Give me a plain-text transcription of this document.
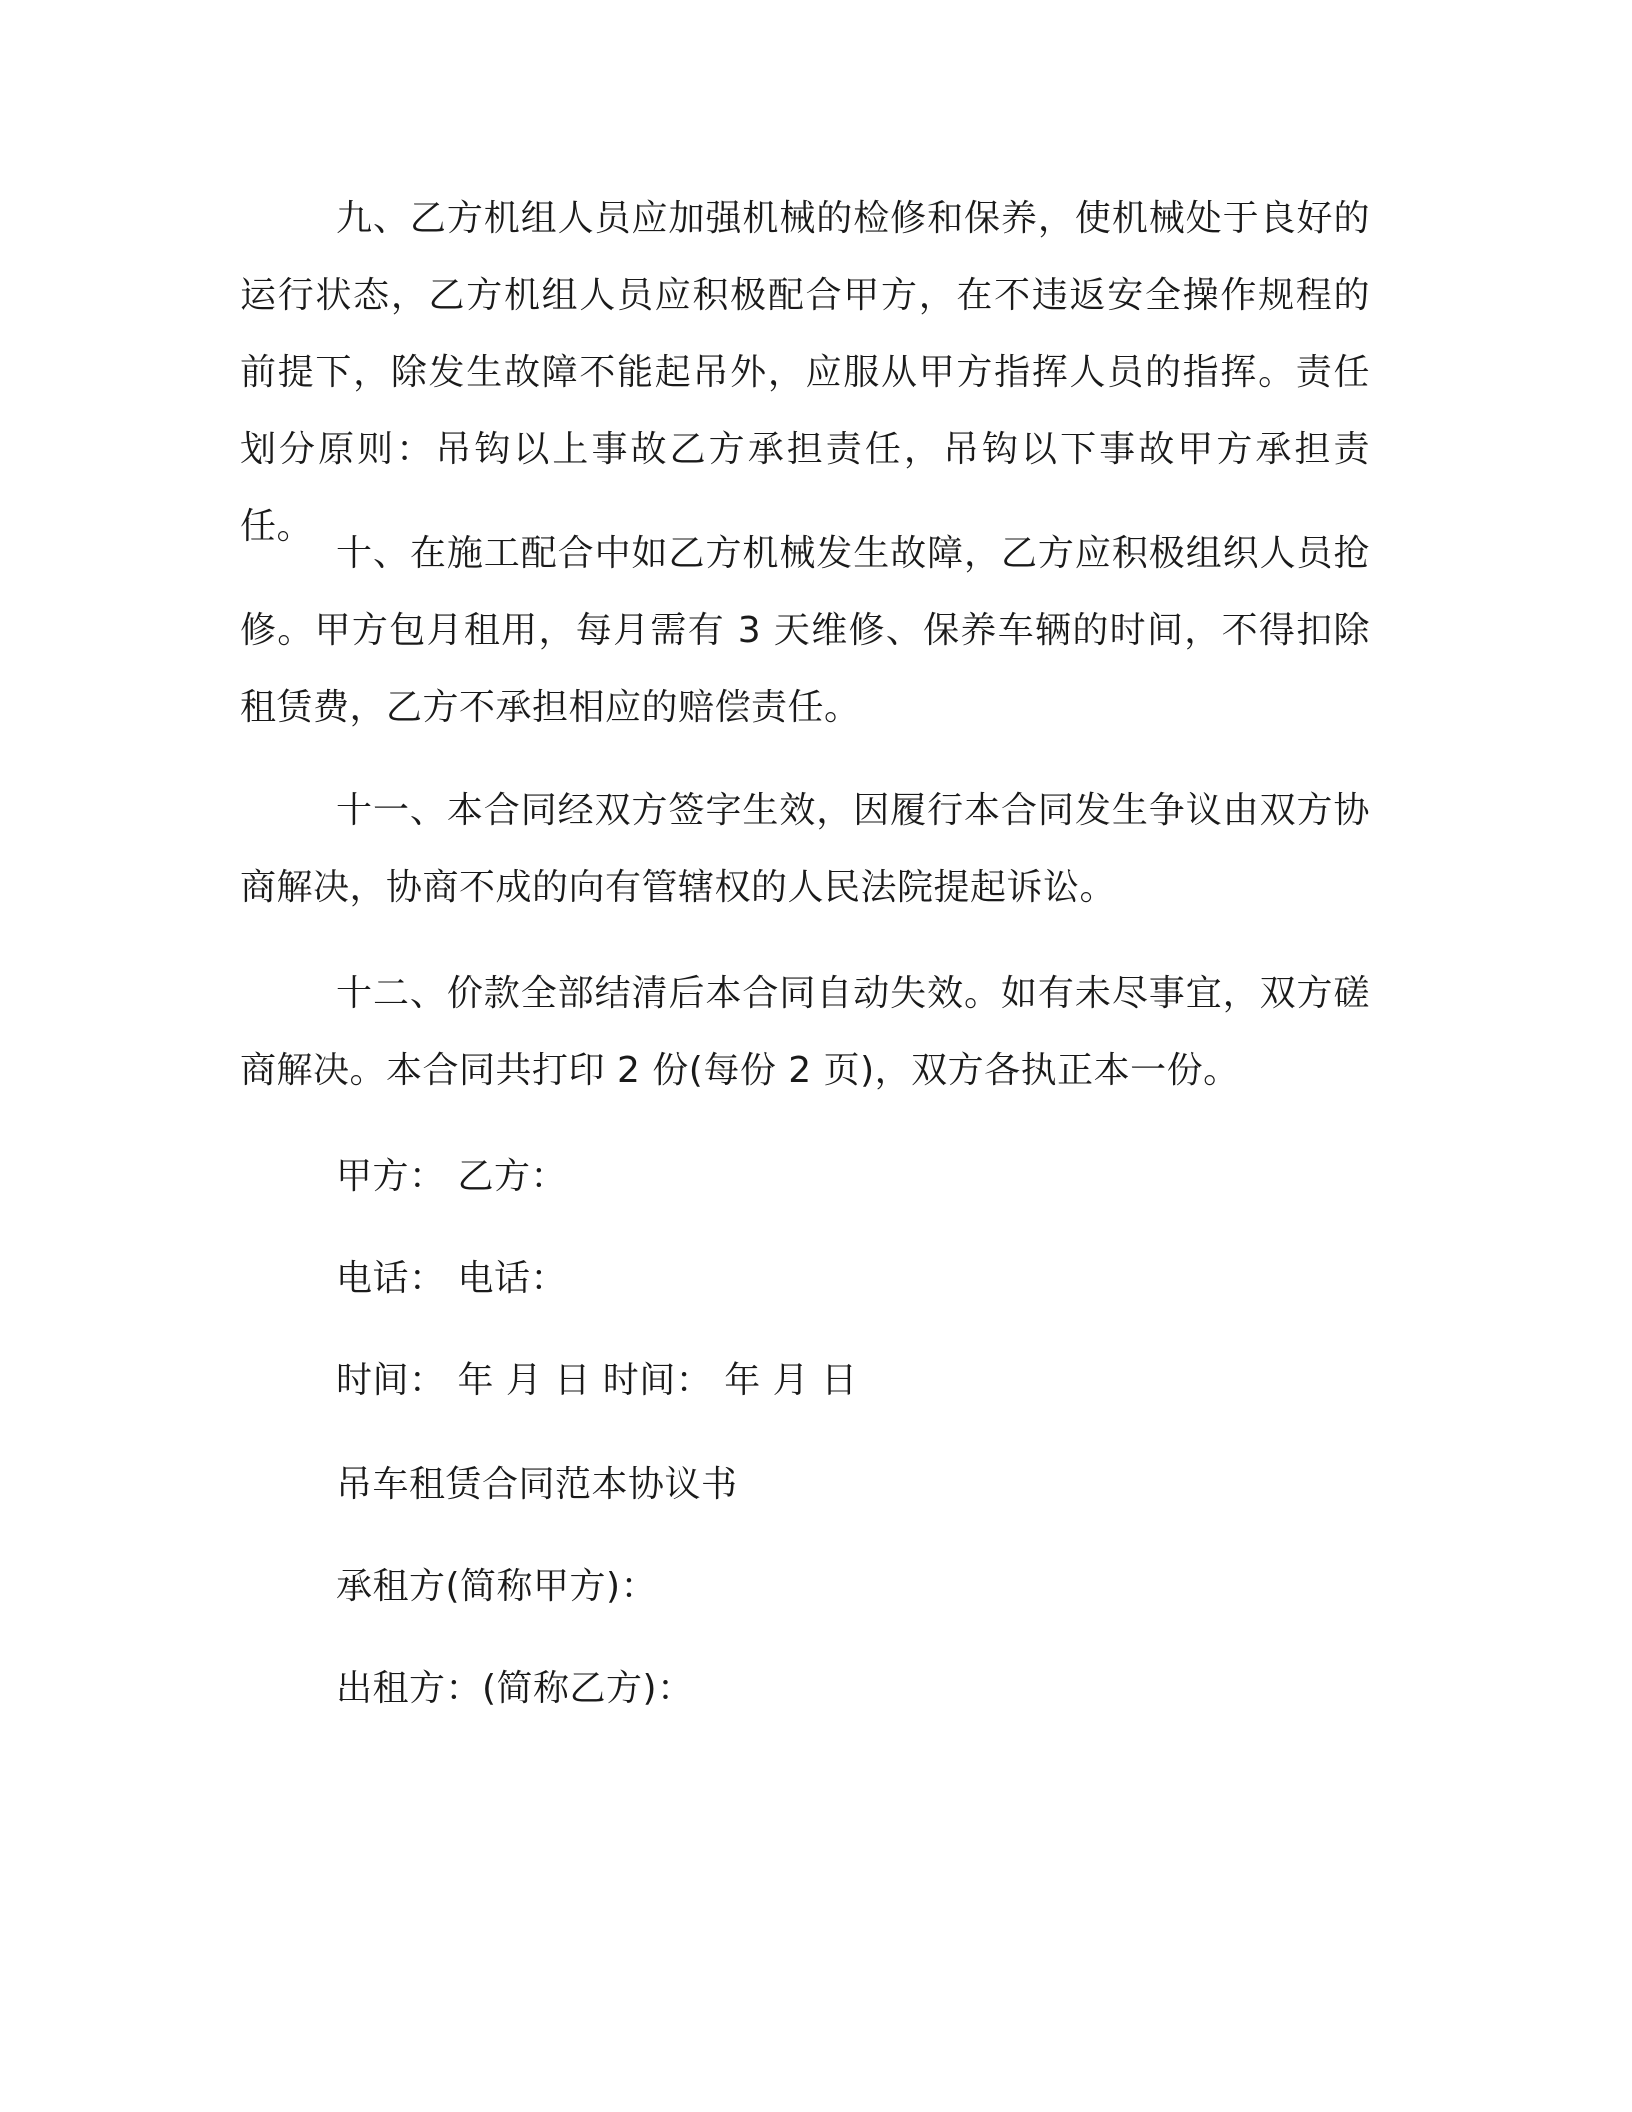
九、乙方机组人员应加强机械的检修和保养，使机械处于良好的运行状态，乙方机组人员应积极配合甲方，在不违返安全操作规程的前提下，除发生故障不能起吊外，应服从甲方指挥人员的指挥。责任划分原则：吊钩以上事故乙方承担责任，吊钩以下事故甲方承担责任。

十、在施工配合中如乙方机械发生故障，乙方应积极组织人员抢修。甲方包月租用，每月需有 3 天维修、保养车辆的时间，不得扣除租赁费，乙方不承担相应的赔偿责任。

十一、本合同经双方签字生效，因履行本合同发生争议由双方协商解决，协商不成的向有管辖权的人民法院提起诉讼。

十二、价款全部结清后本合同自动失效。如有未尽事宜，双方磋商解决。本合同共打印 2 份(每份 2 页)，双方各执正本一份。

甲方： 乙方：

电话： 电话：

时间： 年 月 日 时间： 年 月 日

吊车租赁合同范本协议书

承租方(简称甲方)：

出租方：(简称乙方)：
